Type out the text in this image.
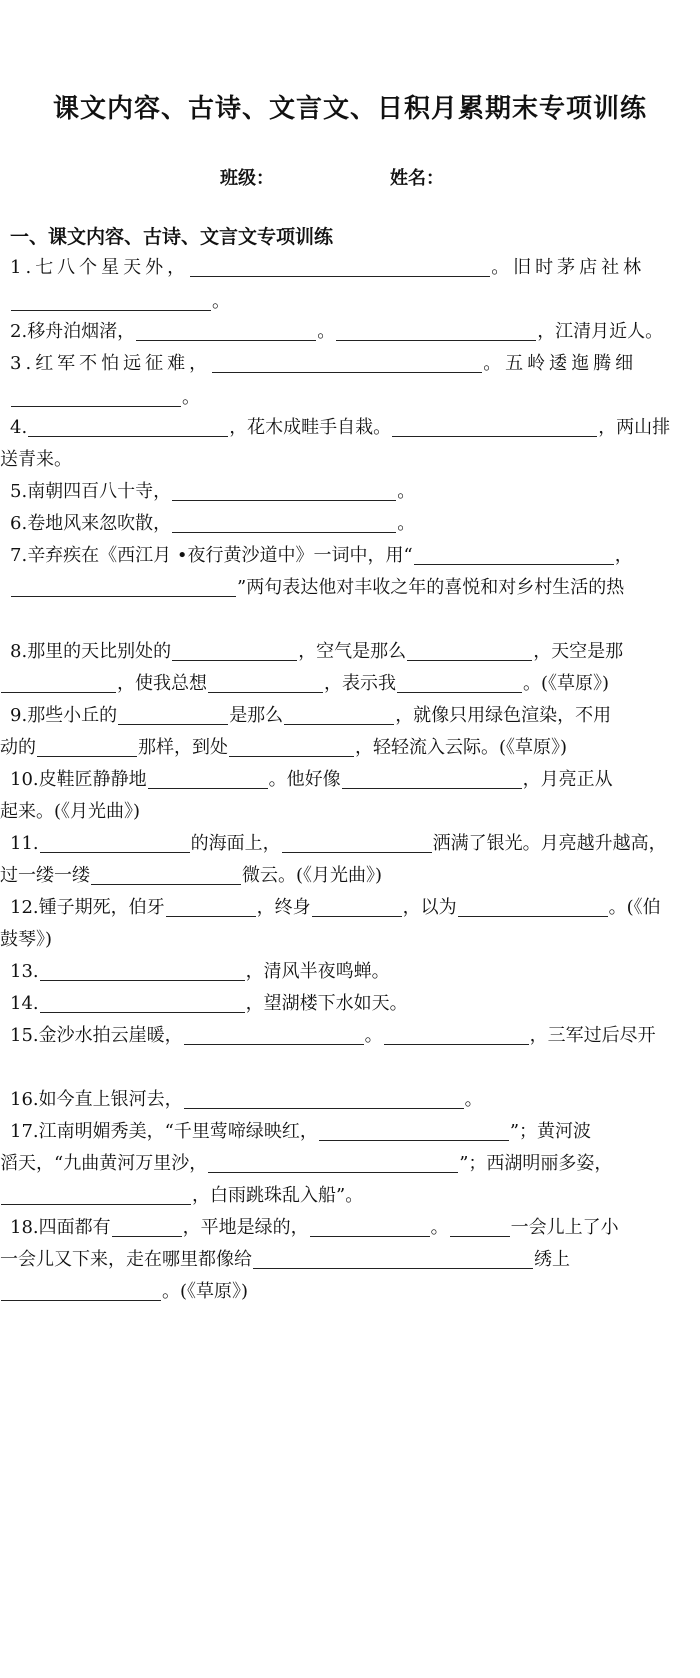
课文内容、古诗、文言文、日积月累期末专项训练
班级：	姓名：
一、课文内容、古诗、文言文专项训练
1.七八个星天外，	。旧时茅店社林
。
2.移舟泊烟渚，	。	，江清月近人。
3.红军不怕远征难，	。五岭逶迤腾细
。
4.	，花木成畦手自栽。	，两山排
送青来。
5.南朝四百八十寺，	。
6.卷地风来忽吹散，	。
7.辛弃疾在《西江月 •夜行黄沙道中》一词中，用“	，
”两句表达他对丰收之年的喜悦和对乡村生活的热
8.那里的天比别处的	，空气是那么	，天空是那
，使我总想	，表示我	。(《草原》)
9.那些小丘的	是那么	，就像只用绿色渲染，不用
动的	那样，到处	，轻轻流入云际。(《草原》)
10.皮鞋匠静静地	。他好像	，月亮正从
起来。(《月光曲》)
11.	的海面上，	洒满了银光。月亮越升越高，
过一缕一缕	微云。(《月光曲》)
12.锺子期死，伯牙	，终身	，以为	。(《伯
鼓琴》)
13.	，清风半夜鸣蝉。
14.	，望湖楼下水如天。
15.金沙水拍云崖暖，	。	，三军过后尽开
16.如今直上银河去，	。
17.江南明媚秀美，“千里莺啼绿映红，	”；黄河波
滔天，“九曲黄河万里沙，	”；西湖明丽多姿，
，白雨跳珠乱入船”。
18.四面都有	，平地是绿的，	。	一会儿上了小
一会儿又下来，走在哪里都像给	绣上
。(《草原》)
